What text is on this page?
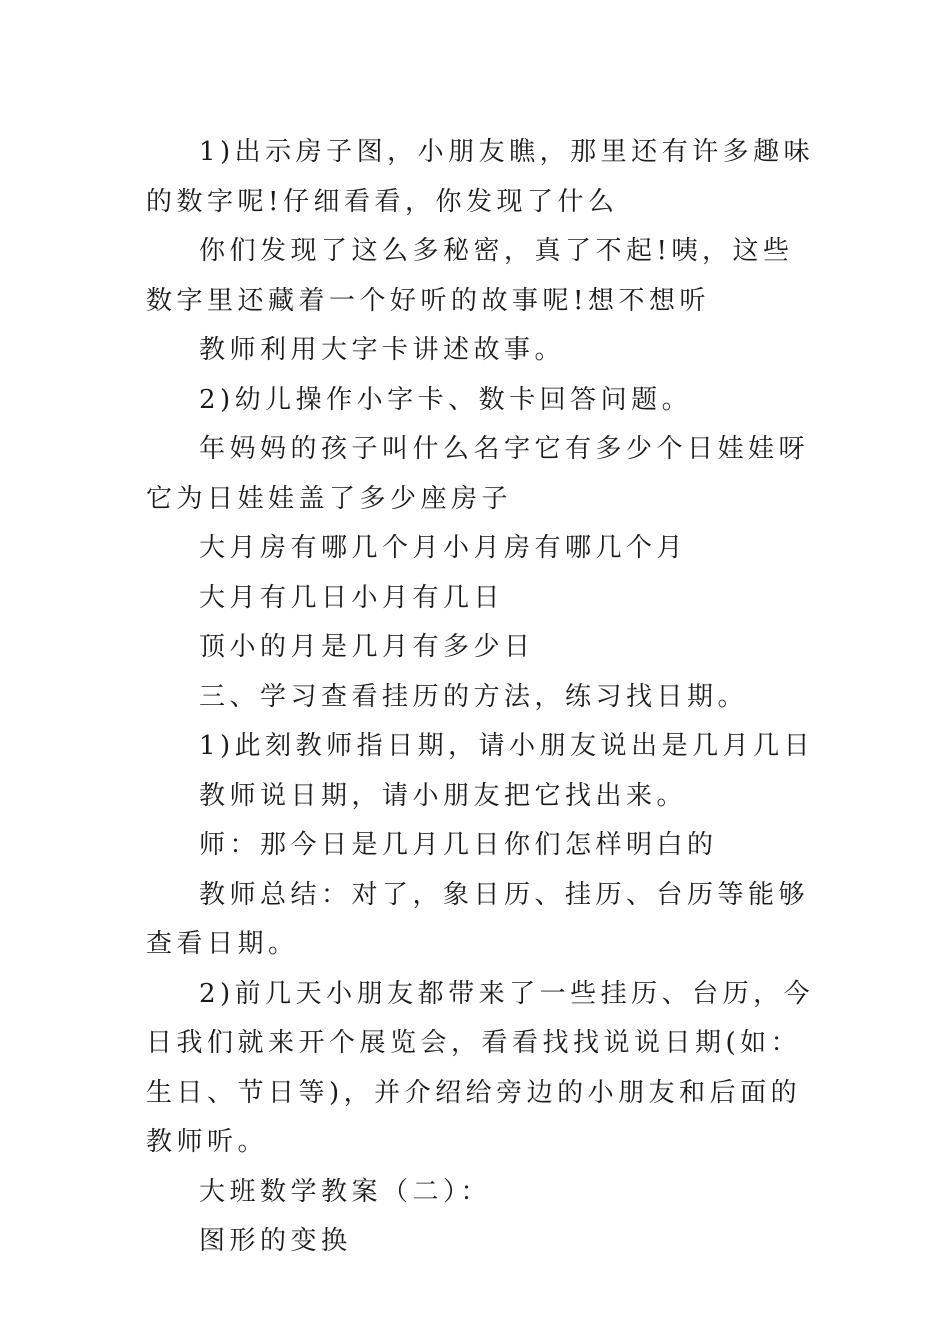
1)出示房子图，小朋友瞧，那里还有许多趣味的数字呢!仔细看看，你发现了什么

你们发现了这么多秘密，真了不起!咦，这些数字里还藏着一个好听的故事呢!想不想听

教师利用大字卡讲述故事。

2)幼儿操作小字卡、数卡回答问题。

年妈妈的孩子叫什么名字它有多少个日娃娃呀它为日娃娃盖了多少座房子

大月房有哪几个月小月房有哪几个月

大月有几日小月有几日

顶小的月是几月有多少日

三、学习查看挂历的方法，练习找日期。

1)此刻教师指日期，请小朋友说出是几月几日

教师说日期，请小朋友把它找出来。

师：那今日是几月几日你们怎样明白的

教师总结：对了，象日历、挂历、台历等能够查看日期。

2)前几天小朋友都带来了一些挂历、台历，今日我们就来开个展览会，看看找找说说日期(如：生日、节日等)，并介绍给旁边的小朋友和后面的教师听。

大班数学教案（二）：

图形的变换
